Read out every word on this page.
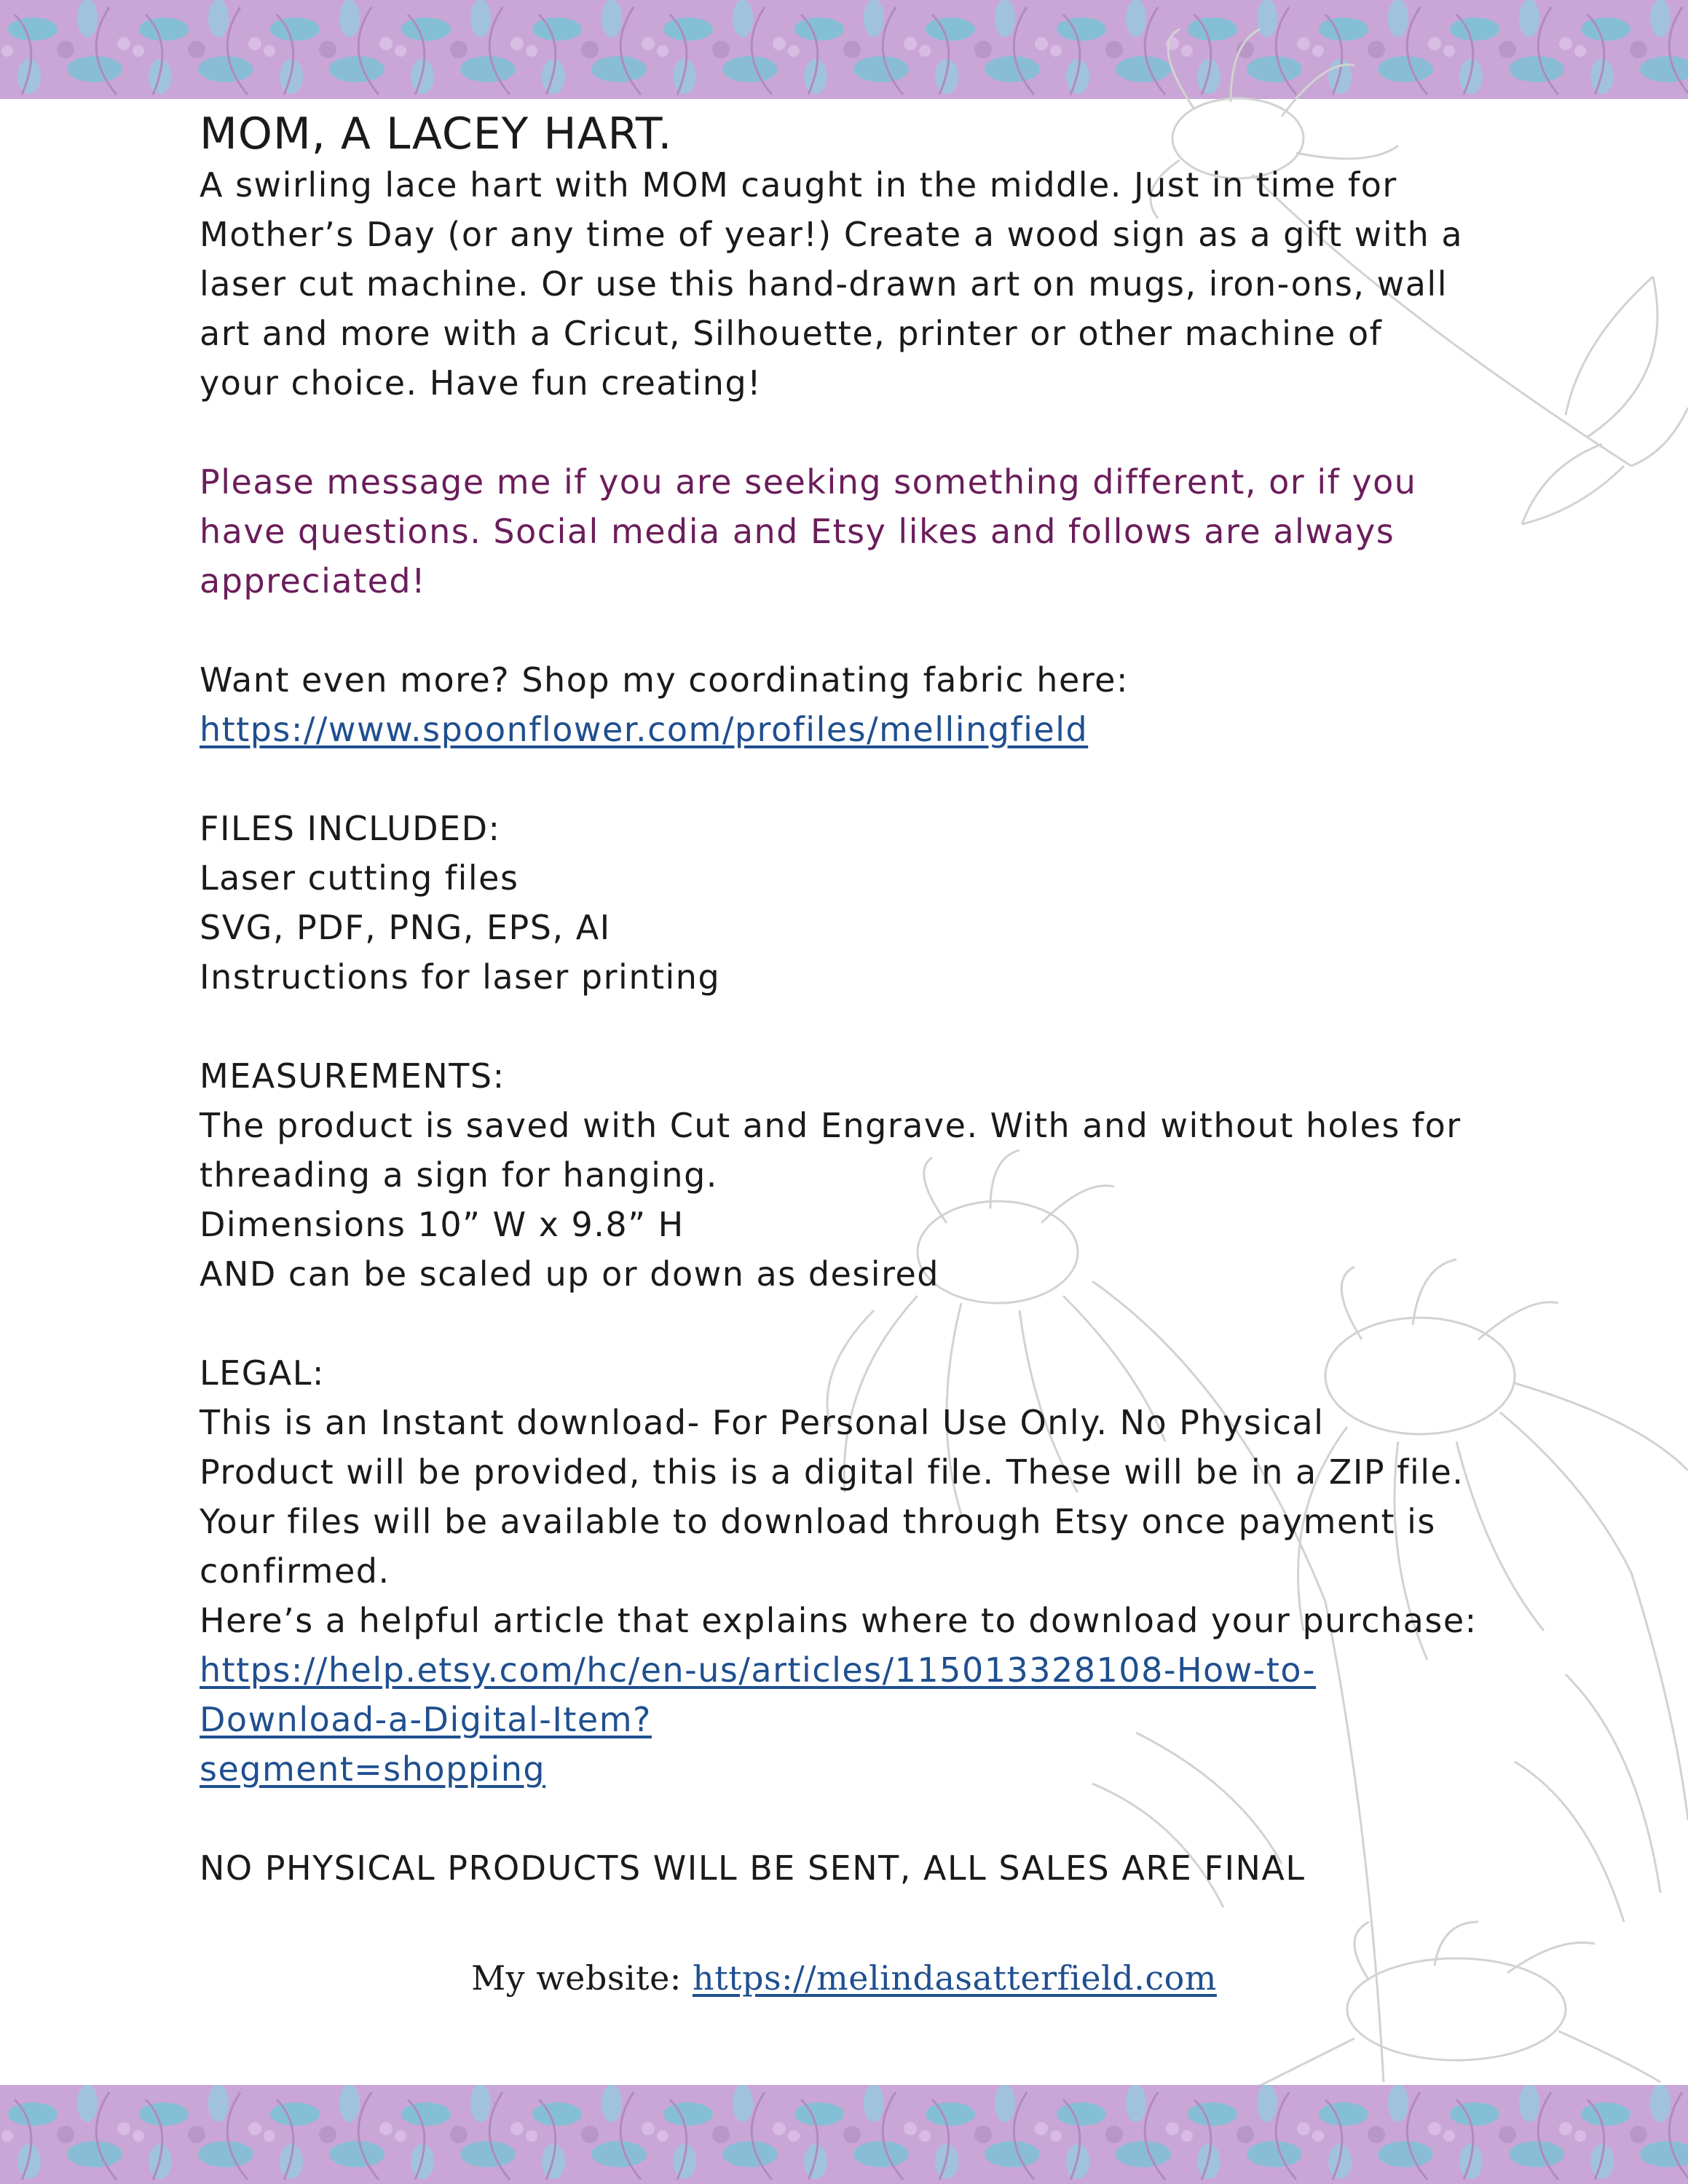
MOM, A LACEY HART.

A swirling lace hart with MOM caught in the middle. Just in time for

Mother’s Day (or any time of year!) Create a wood sign as a gift with a

laser cut machine. Or use this hand-drawn art on mugs, iron-ons, wall

art and more with a Cricut, Silhouette, printer or other machine of

your choice. Have fun creating!

Please message me if you are seeking something different, or if you

have questions. Social media and Etsy likes and follows are always

appreciated!

Want even more? Shop my coordinating fabric here:

https://www.spoonflower.com/profiles/mellingfield

FILES INCLUDED:

Laser cutting files

SVG, PDF, PNG, EPS, AI

Instructions for laser printing

MEASUREMENTS:

The product is saved with Cut and Engrave. With and without holes for

threading a sign for hanging.

Dimensions 10” W x 9.8” H

AND can be scaled up or down as desired

LEGAL:

This is an Instant download- For Personal Use Only. No Physical

Product will be provided, this is a digital file. These will be in a ZIP file.

Your files will be available to download through Etsy once payment is

confirmed.

Here’s a helpful article that explains where to download your purchase:

https://help.etsy.com/hc/en-us/articles/115013328108-How-to-

Download-a-Digital-Item?

segment=shopping

NO PHYSICAL PRODUCTS WILL BE SENT, ALL SALES ARE FINAL

My website: https://melindasatterfield.com
